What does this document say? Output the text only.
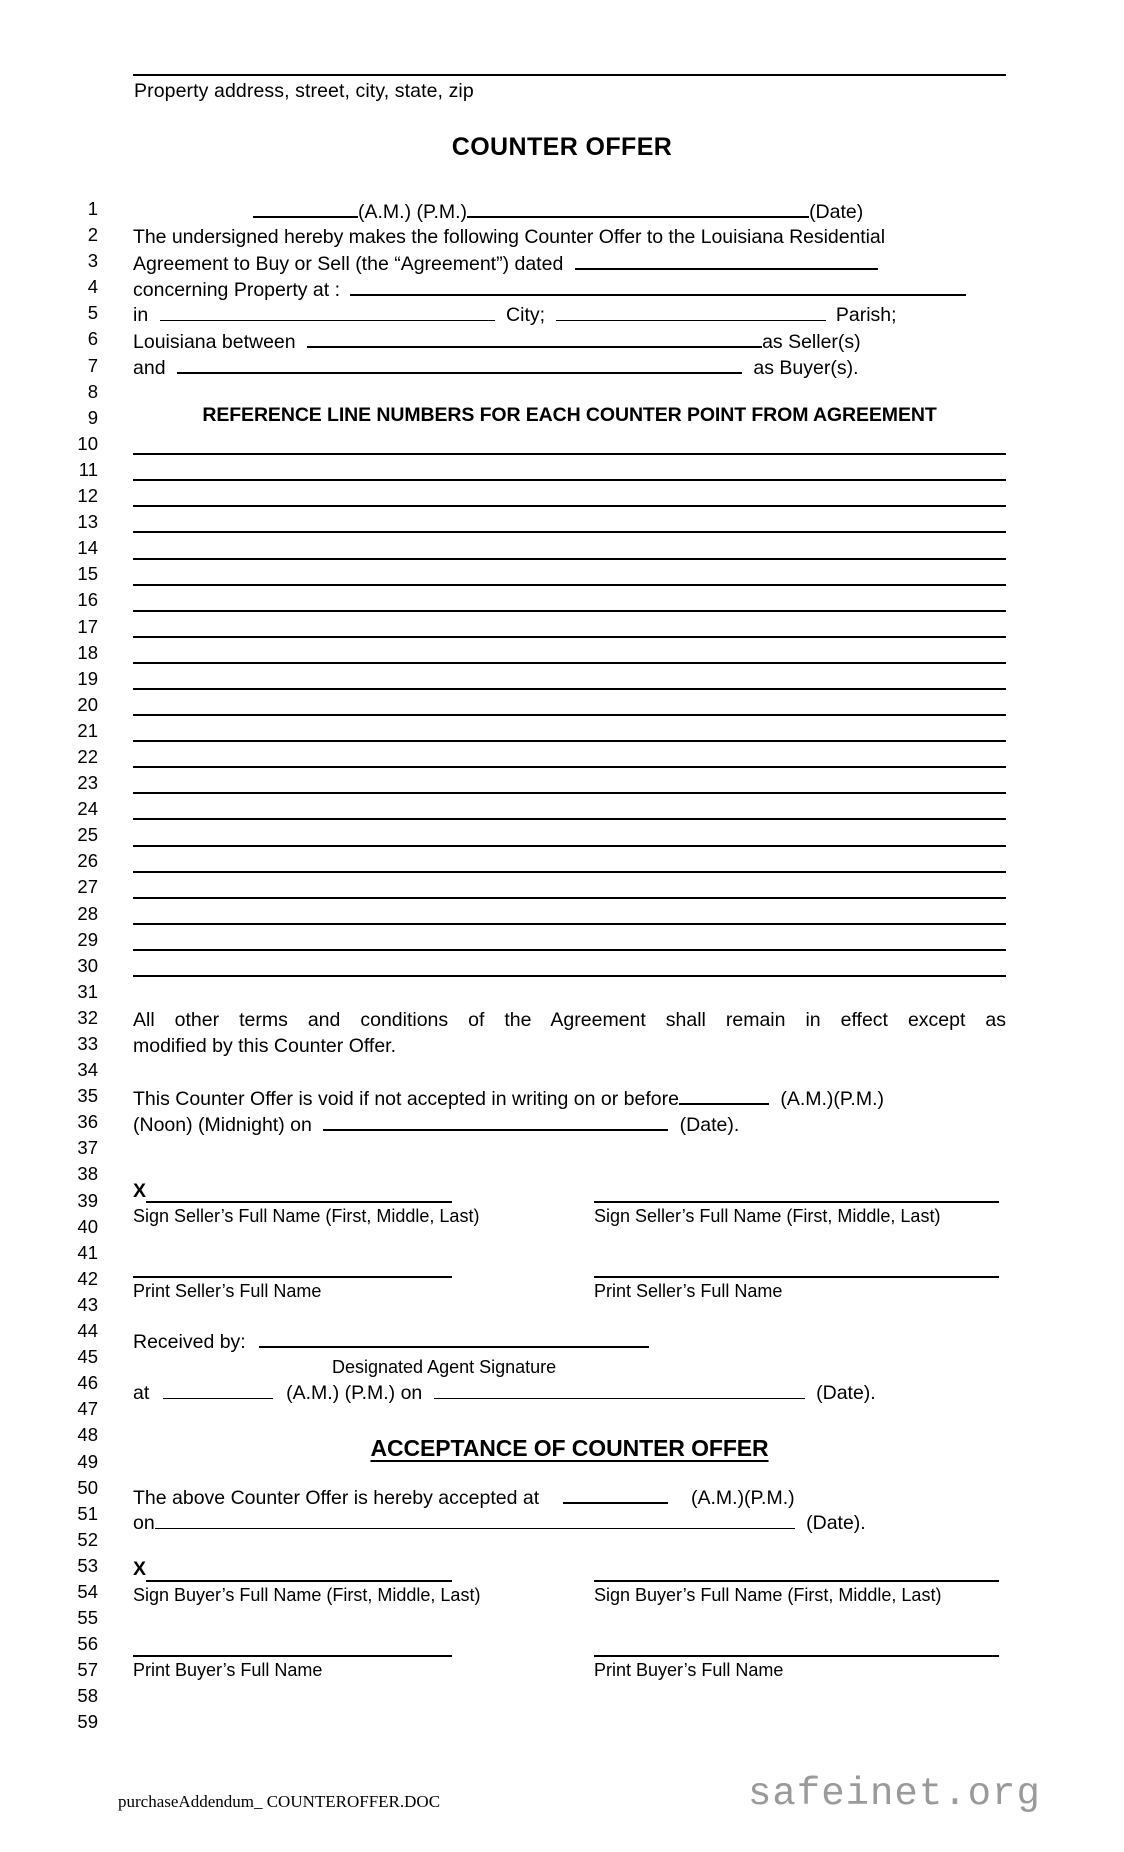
Property address, street, city, state, zip
COUNTER OFFER
1
2
3
4
5
6
7
8
9
10
11
12
13
14
15
16
17
18
19
20
21
22
23
24
25
26
27
28
29
30
31
32
33
34
35
36
37
38
39
40
41
42
43
44
45
46
47
48
49
50
51
52
53
54
55
56
57
58
59
(A.M.) (P.M.)	(Date)
The undersigned hereby makes the following Counter Offer to the Louisiana Residential
Agreement to Buy or Sell (the “Agreement”) dated
concerning Property at :
in	City;	Parish;
Louisiana between	as Seller(s)
and	as Buyer(s).
REFERENCE LINE NUMBERS FOR EACH COUNTER POINT FROM AGREEMENT
All other terms and conditions of the Agreement shall remain in effect except as
modified by this Counter Offer.
This Counter Offer is void if not accepted in writing on or before	(A.M.)(P.M.)
(Noon) (Midnight) on	(Date).
X
Sign Seller’s Full Name (First, Middle, Last)	Sign Seller’s Full Name (First, Middle, Last)
Print Seller’s Full Name	Print Seller’s Full Name
Received by:
Designated Agent Signature
at	(A.M.) (P.M.) on	(Date).
ACCEPTANCE OF COUNTER OFFER
The above Counter Offer is hereby accepted at	(A.M.)(P.M.)
on	(Date).
X
Sign Buyer’s Full Name (First, Middle, Last)	Sign Buyer’s Full Name (First, Middle, Last)
Print Buyer’s Full Name	Print Buyer’s Full Name
purchaseAddendum_ COUNTEROFFER.DOC	safeinet.org
